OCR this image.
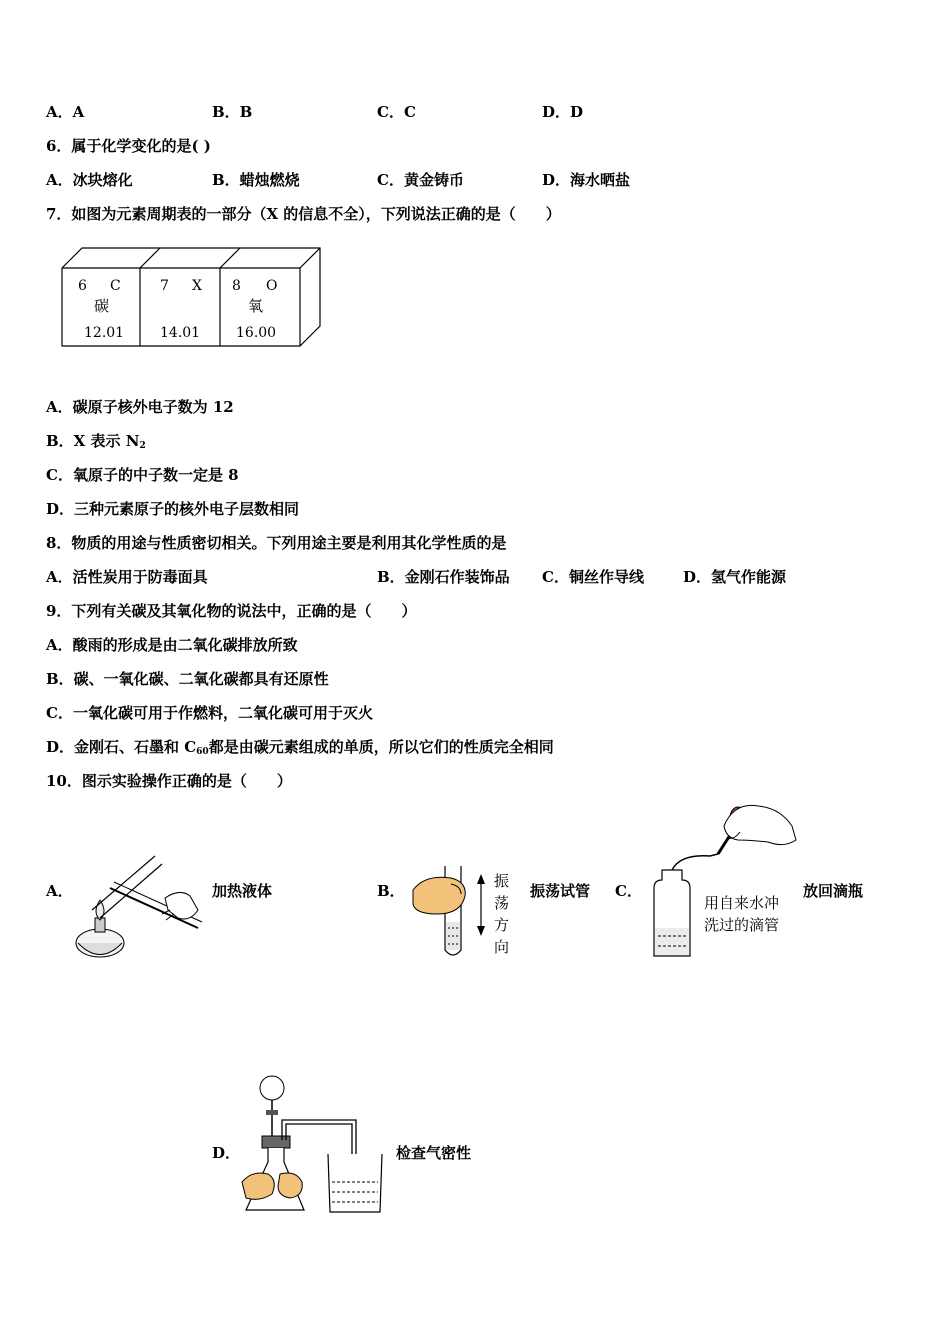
A．A	B．B	C．C	D．D
6．属于化学变化的是( )
A．冰块熔化	B．蜡烛燃烧	C．黄金铸币	D．海水晒盐
7．如图为元素周期表的一部分（X 的信息不全），下列说法正确的是（　　）
6 C
碳
12.01
7 X
14.01
8 O
氧
16.00
A．碳原子核外电子数为 12
B．X 表示 $N_2$
C．氧原子的中子数一定是 8
D．三种元素原子的核外电子层数相同
8．物质的用途与性质密切相关。下列用途主要是利用其化学性质的是
A．活性炭用于防毒面具	B．金刚石作装饰品 C．铜丝作导线	D．氢气作能源
9．下列有关碳及其氧化物的说法中，正确的是（　　）
A．酸雨的形成是由二氧化碳排放所致
B．碳、一氧化碳、二氧化碳都具有还原性
C．一氧化碳可用于作燃料，二氧化碳可用于灭火
D．金刚石、石墨和 $C_{60}$都是由碳元素组成的单质，所以它们的性质完全相同
10．图示实验操作正确的是（　　）
A．	加热液体	B．
振
荡
方
向
振荡试管 C．
用自来水冲
洗过的滴管
放回滴瓶
D．	检查气密性
